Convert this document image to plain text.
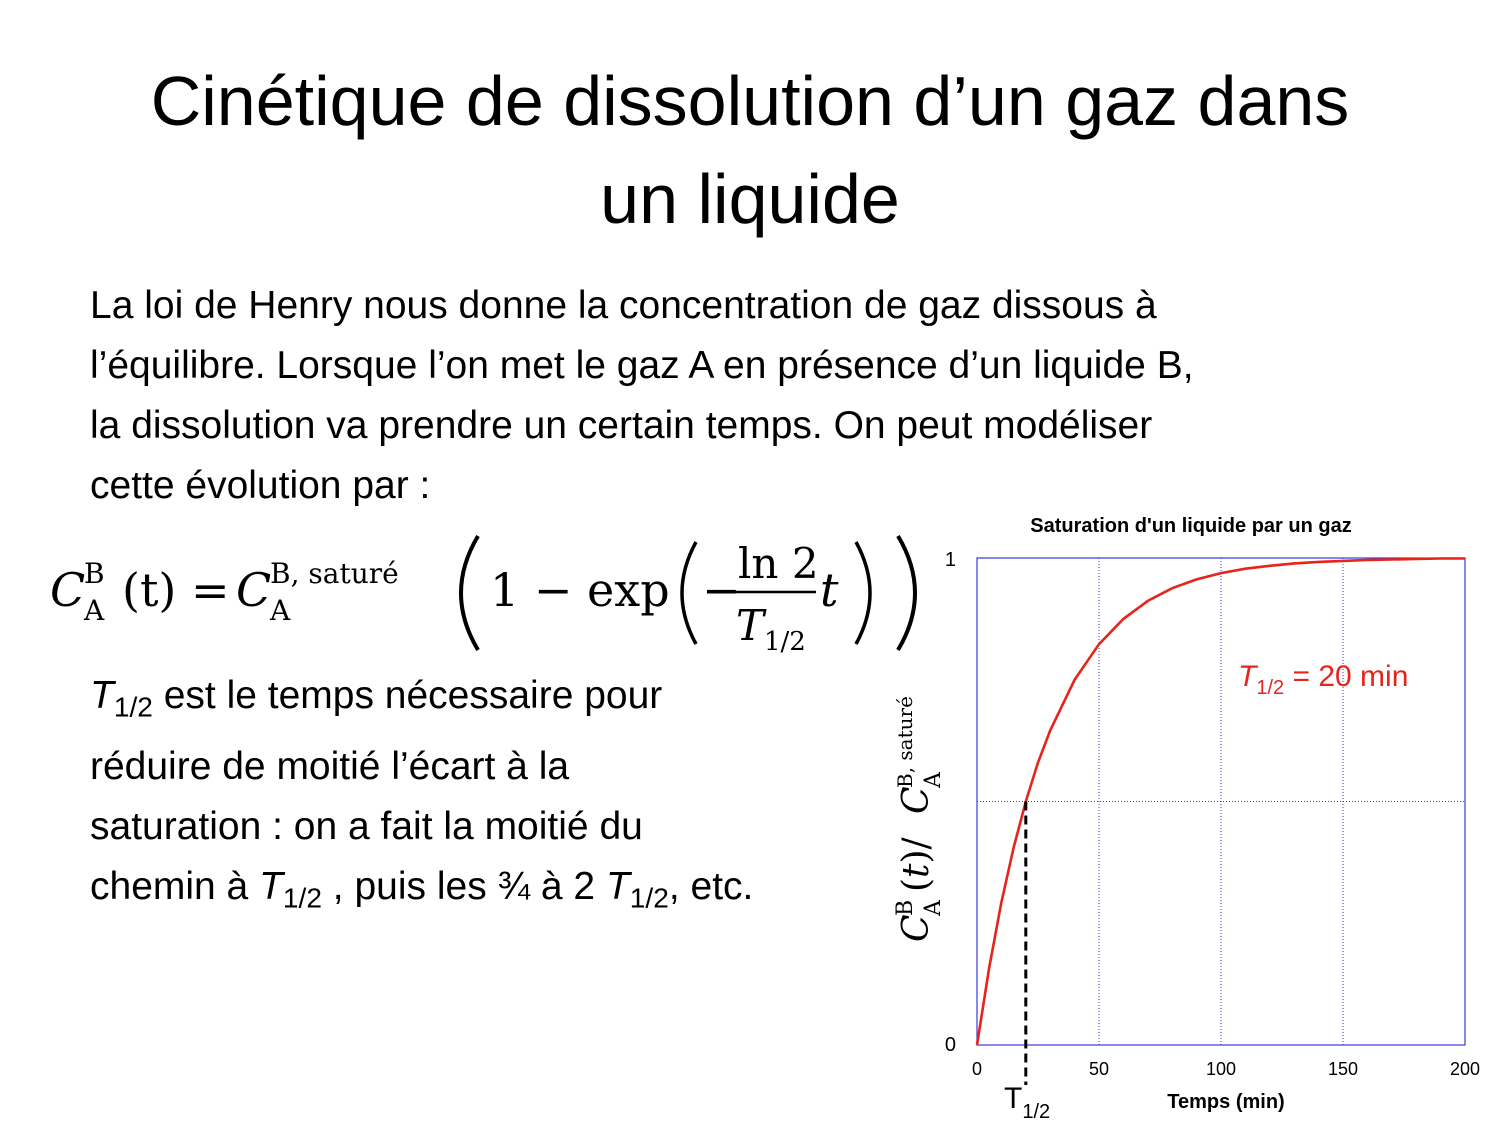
Cinétique de dissolution d’un gaz dans
un liquide
La loi de Henry nous donne la concentration de gaz dissous à
l’équilibre. Lorsque l’on met le gaz A en présence d’un liquide B,
la dissolution va prendre un certain temps. On peut modéliser
cette évolution par :
C
B
A (t) = C
B, saturé
A	1 − exp −
ln 2
T 1/2
t
$T_{1/2}$ est le temps nécessaire pour
réduire de moitié l’écart à la
saturation : on a fait la moitié du
chemin à $T_{1/2}$ , puis les ¾ à 2 $T_{1/2}$, etc.
Saturation d'un liquide par un gaz
0	50	100	150	200
0
1
Temps (min)
C
B A
(t)/
C
B, saturé A
$T_{1/2} = 20$ min
$T_{1/2}$
